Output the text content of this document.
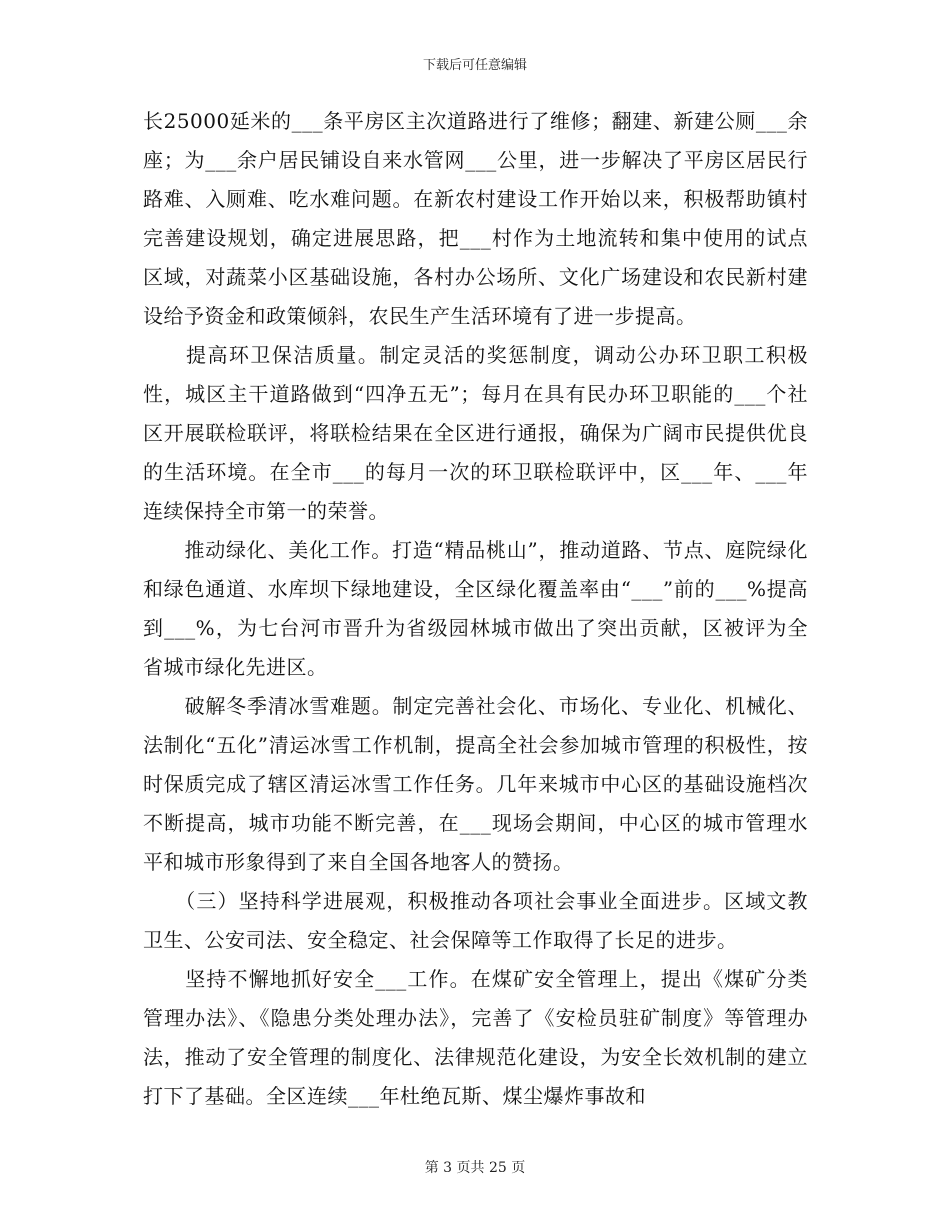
下载后可任意编辑

长25000延米的___条平房区主次道路进行了维修；翻建、新建公厕___余座；为___余户居民铺设自来水管网___公里，进一步解决了平房区居民行路难、入厕难、吃水难问题。在新农村建设工作开始以来，积极帮助镇村完善建设规划，确定进展思路，把___村作为土地流转和集中使用的试点区域，对蔬菜小区基础设施，各村办公场所、文化广场建设和农民新村建设给予资金和政策倾斜，农民生产生活环境有了进一步提高。

　　提高环卫保洁质量。制定灵活的奖惩制度，调动公办环卫职工积极性，城区主干道路做到“四净五无”；每月在具有民办环卫职能的___个社区开展联检联评，将联检结果在全区进行通报，确保为广阔市民提供优良的生活环境。在全市___的每月一次的环卫联检联评中，区___年、___年连续保持全市第一的荣誉。

　　推动绿化、美化工作。打造“精品桃山”，推动道路、节点、庭院绿化和绿色通道、水库坝下绿地建设，全区绿化覆盖率由“___”前的___%提高到___%，为七台河市晋升为省级园林城市做出了突出贡献，区被评为全省城市绿化先进区。

　　破解冬季清冰雪难题。制定完善社会化、市场化、专业化、机械化、法制化“五化”清运冰雪工作机制，提高全社会参加城市管理的积极性，按时保质完成了辖区清运冰雪工作任务。几年来城市中心区的基础设施档次不断提高，城市功能不断完善，在___现场会期间，中心区的城市管理水平和城市形象得到了来自全国各地客人的赞扬。

　　（三）坚持科学进展观，积极推动各项社会事业全面进步。区域文教卫生、公安司法、安全稳定、社会保障等工作取得了长足的进步。

　　坚持不懈地抓好安全___工作。在煤矿安全管理上，提出《煤矿分类管理办法》、《隐患分类处理办法》，完善了《安检员驻矿制度》等管理办法，推动了安全管理的制度化、法律规范化建设，为安全长效机制的建立打下了基础。全区连续___年杜绝瓦斯、煤尘爆炸事故和

第 3 页共 25 页
